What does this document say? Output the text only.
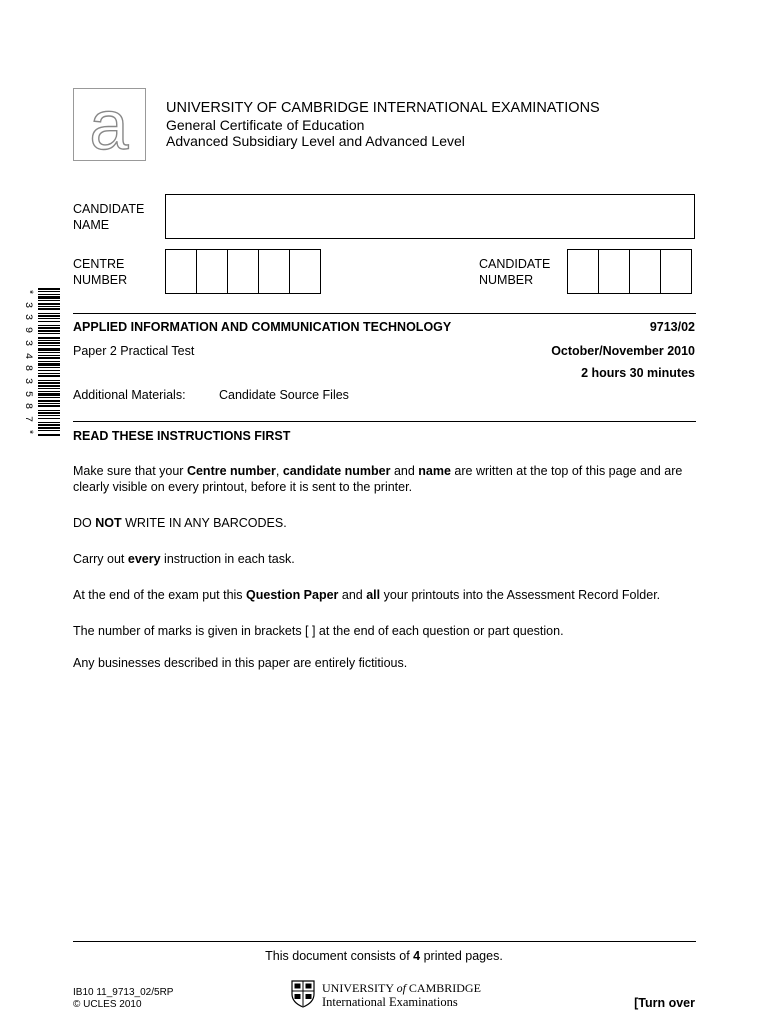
a	UNIVERSITY OF CAMBRIDGE INTERNATIONAL EXAMINATIONS
General Certificate of Education
Advanced Subsidiary Level and Advanced Level
CANDIDATE
NAME
CENTRE
NUMBER
CANDIDATE
NUMBER
*
3
3
9
3
4
8
3
5
8
7
*
APPLIED INFORMATION AND COMMUNICATION TECHNOLOGY	9713/02
Paper 2 Practical Test	October/November 2010
2 hours 30 minutes
Additional Materials:	Candidate Source Files
READ THESE INSTRUCTIONS FIRST
Make sure that your Centre number, candidate number and name are written at the top of this page and are clearly visible on every printout, before it is sent to the printer.
DO NOT WRITE IN ANY BARCODES.
Carry out every instruction in each task.
At the end of the exam put this Question Paper and all your printouts into the Assessment Record Folder.
The number of marks is given in brackets [ ] at the end of each question or part question.
Any businesses described in this paper are entirely fictitious.
This document consists of 4 printed pages.
IB10 11_9713_02/5RP
© UCLES 2010
UNIVERSITY of CAMBRIDGE
International Examinations	[Turn over
